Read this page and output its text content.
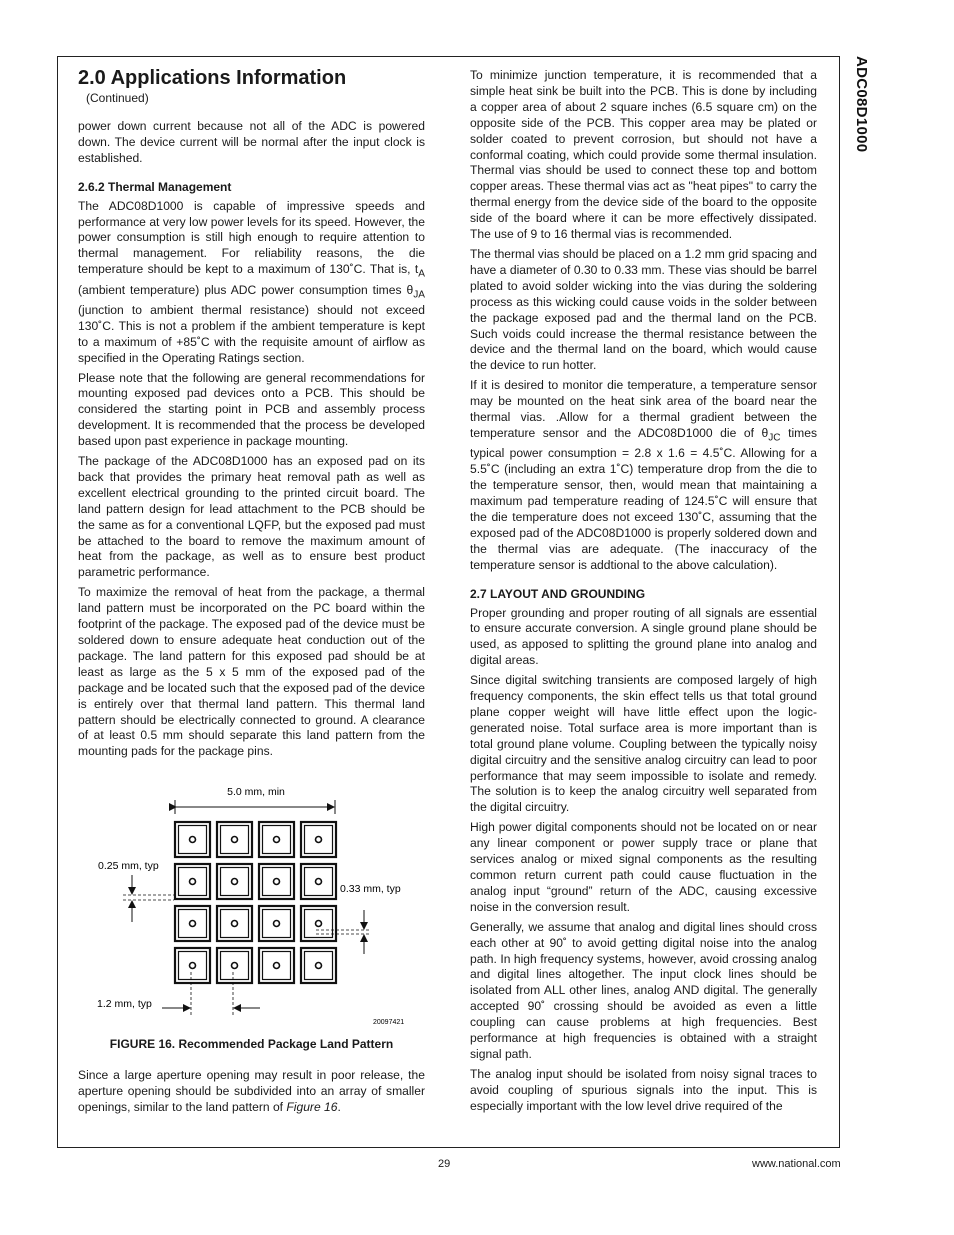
ADC08D1000
2.0 Applications Information

(Continued)

power down current because not all of the ADC is powered down. The device current will be normal after the input clock is established.

2.6.2 Thermal Management

The ADC08D1000 is capable of impressive speeds and performance at very low power levels for its speed. However, the power consumption is still high enough to require attention to thermal management. For reliability reasons, the die temperature should be kept to a maximum of 130˚C. That is, $t_A$ (ambient temperature) plus ADC power consumption times $\theta_{JA}$ (junction to ambient thermal resistance) should not exceed 130˚C. This is not a problem if the ambient temperature is kept to a maximum of +85˚C with the requisite amount of airflow as specified in the Operating Ratings section.

Please note that the following are general recommendations for mounting exposed pad devices onto a PCB. This should be considered the starting point in PCB and assembly process development. It is recommended that the process be developed based upon past experience in package mounting.

The package of the ADC08D1000 has an exposed pad on its back that provides the primary heat removal path as well as excellent electrical grounding to the printed circuit board. The land pattern design for lead attachment to the PCB should be the same as for a conventional LQFP, but the exposed pad must be attached to the board to remove the maximum amount of heat from the package, as well as to ensure best product parametric performance.

To maximize the removal of heat from the package, a thermal land pattern must be incorporated on the PC board within the footprint of the package. The exposed pad of the device must be soldered down to ensure adequate heat conduction out of the package. The land pattern for this exposed pad should be at least as large as the 5 x 5 mm of the exposed pad of the package and be located such that the exposed pad of the device is entirely over that thermal land pattern. This thermal land pattern should be electrically connected to ground. A clearance of at least 0.5 mm should separate this land pattern from the mounting pads for the package pins.

5.0 mm, min
0.25 mm, typ
0.33 mm, typ
1.2 mm, typ
20097421

FIGURE 16. Recommended Package Land Pattern

Since a large aperture opening may result in poor release, the aperture opening should be subdivided into an array of smaller openings, similar to the land pattern of Figure 16.

To minimize junction temperature, it is recommended that a simple heat sink be built into the PCB. This is done by including a copper area of about 2 square inches (6.5 square cm) on the opposite side of the PCB. This copper area may be plated or solder coated to prevent corrosion, but should not have a conformal coating, which could provide some thermal insulation. Thermal vias should be used to connect these top and bottom copper areas. These thermal vias act as "heat pipes" to carry the thermal energy from the device side of the board to the opposite side of the board where it can be more effectively dissipated. The use of 9 to 16 thermal vias is recommended.

The thermal vias should be placed on a 1.2 mm grid spacing and have a diameter of 0.30 to 0.33 mm. These vias should be barrel plated to avoid solder wicking into the vias during the soldering process as this wicking could cause voids in the solder between the package exposed pad and the thermal land on the PCB. Such voids could increase the thermal resistance between the device and the thermal land on the board, which would cause the device to run hotter.

If it is desired to monitor die temperature, a temperature sensor may be mounted on the heat sink area of the board near the thermal vias. .Allow for a thermal gradient between the temperature sensor and the ADC08D1000 die of $\theta_{JC}$ times typical power consumption = 2.8 x 1.6 = 4.5˚C. Allowing for a 5.5˚C (including an extra 1˚C) temperature drop from the die to the temperature sensor, then, would mean that maintaining a maximum pad temperature reading of 124.5˚C will ensure that the die temperature does not exceed 130˚C, assuming that the exposed pad of the ADC08D1000 is properly soldered down and the thermal vias are adequate. (The inaccuracy of the temperature sensor is addtional to the above calculation).

2.7 LAYOUT AND GROUNDING

Proper grounding and proper routing of all signals are essential to ensure accurate conversion. A single ground plane should be used, as apposed to splitting the ground plane into analog and digital areas.

Since digital switching transients are composed largely of high frequency components, the skin effect tells us that total ground plane copper weight will have little effect upon the logic-generated noise. Total surface area is more important than is total ground plane volume. Coupling between the typically noisy digital circuitry and the sensitive analog circuitry can lead to poor performance that may seem impossible to isolate and remedy. The solution is to keep the analog circuitry well separated from the digital circuitry.

High power digital components should not be located on or near any linear component or power supply trace or plane that services analog or mixed signal components as the resulting common return current path could cause fluctuation in the analog input “ground” return of the ADC, causing excessive noise in the conversion result.

Generally, we assume that analog and digital lines should cross each other at 90˚ to avoid getting digital noise into the analog path. In high frequency systems, however, avoid crossing analog and digital lines altogether. The input clock lines should be isolated from ALL other lines, analog AND digital. The generally accepted 90˚ crossing should be avoided as even a little coupling can cause problems at high frequencies. Best performance at high frequencies is obtained with a straight signal path.

The analog input should be isolated from noisy signal traces to avoid coupling of spurious signals into the input. This is especially important with the low level drive required of the

29	www.national.com
